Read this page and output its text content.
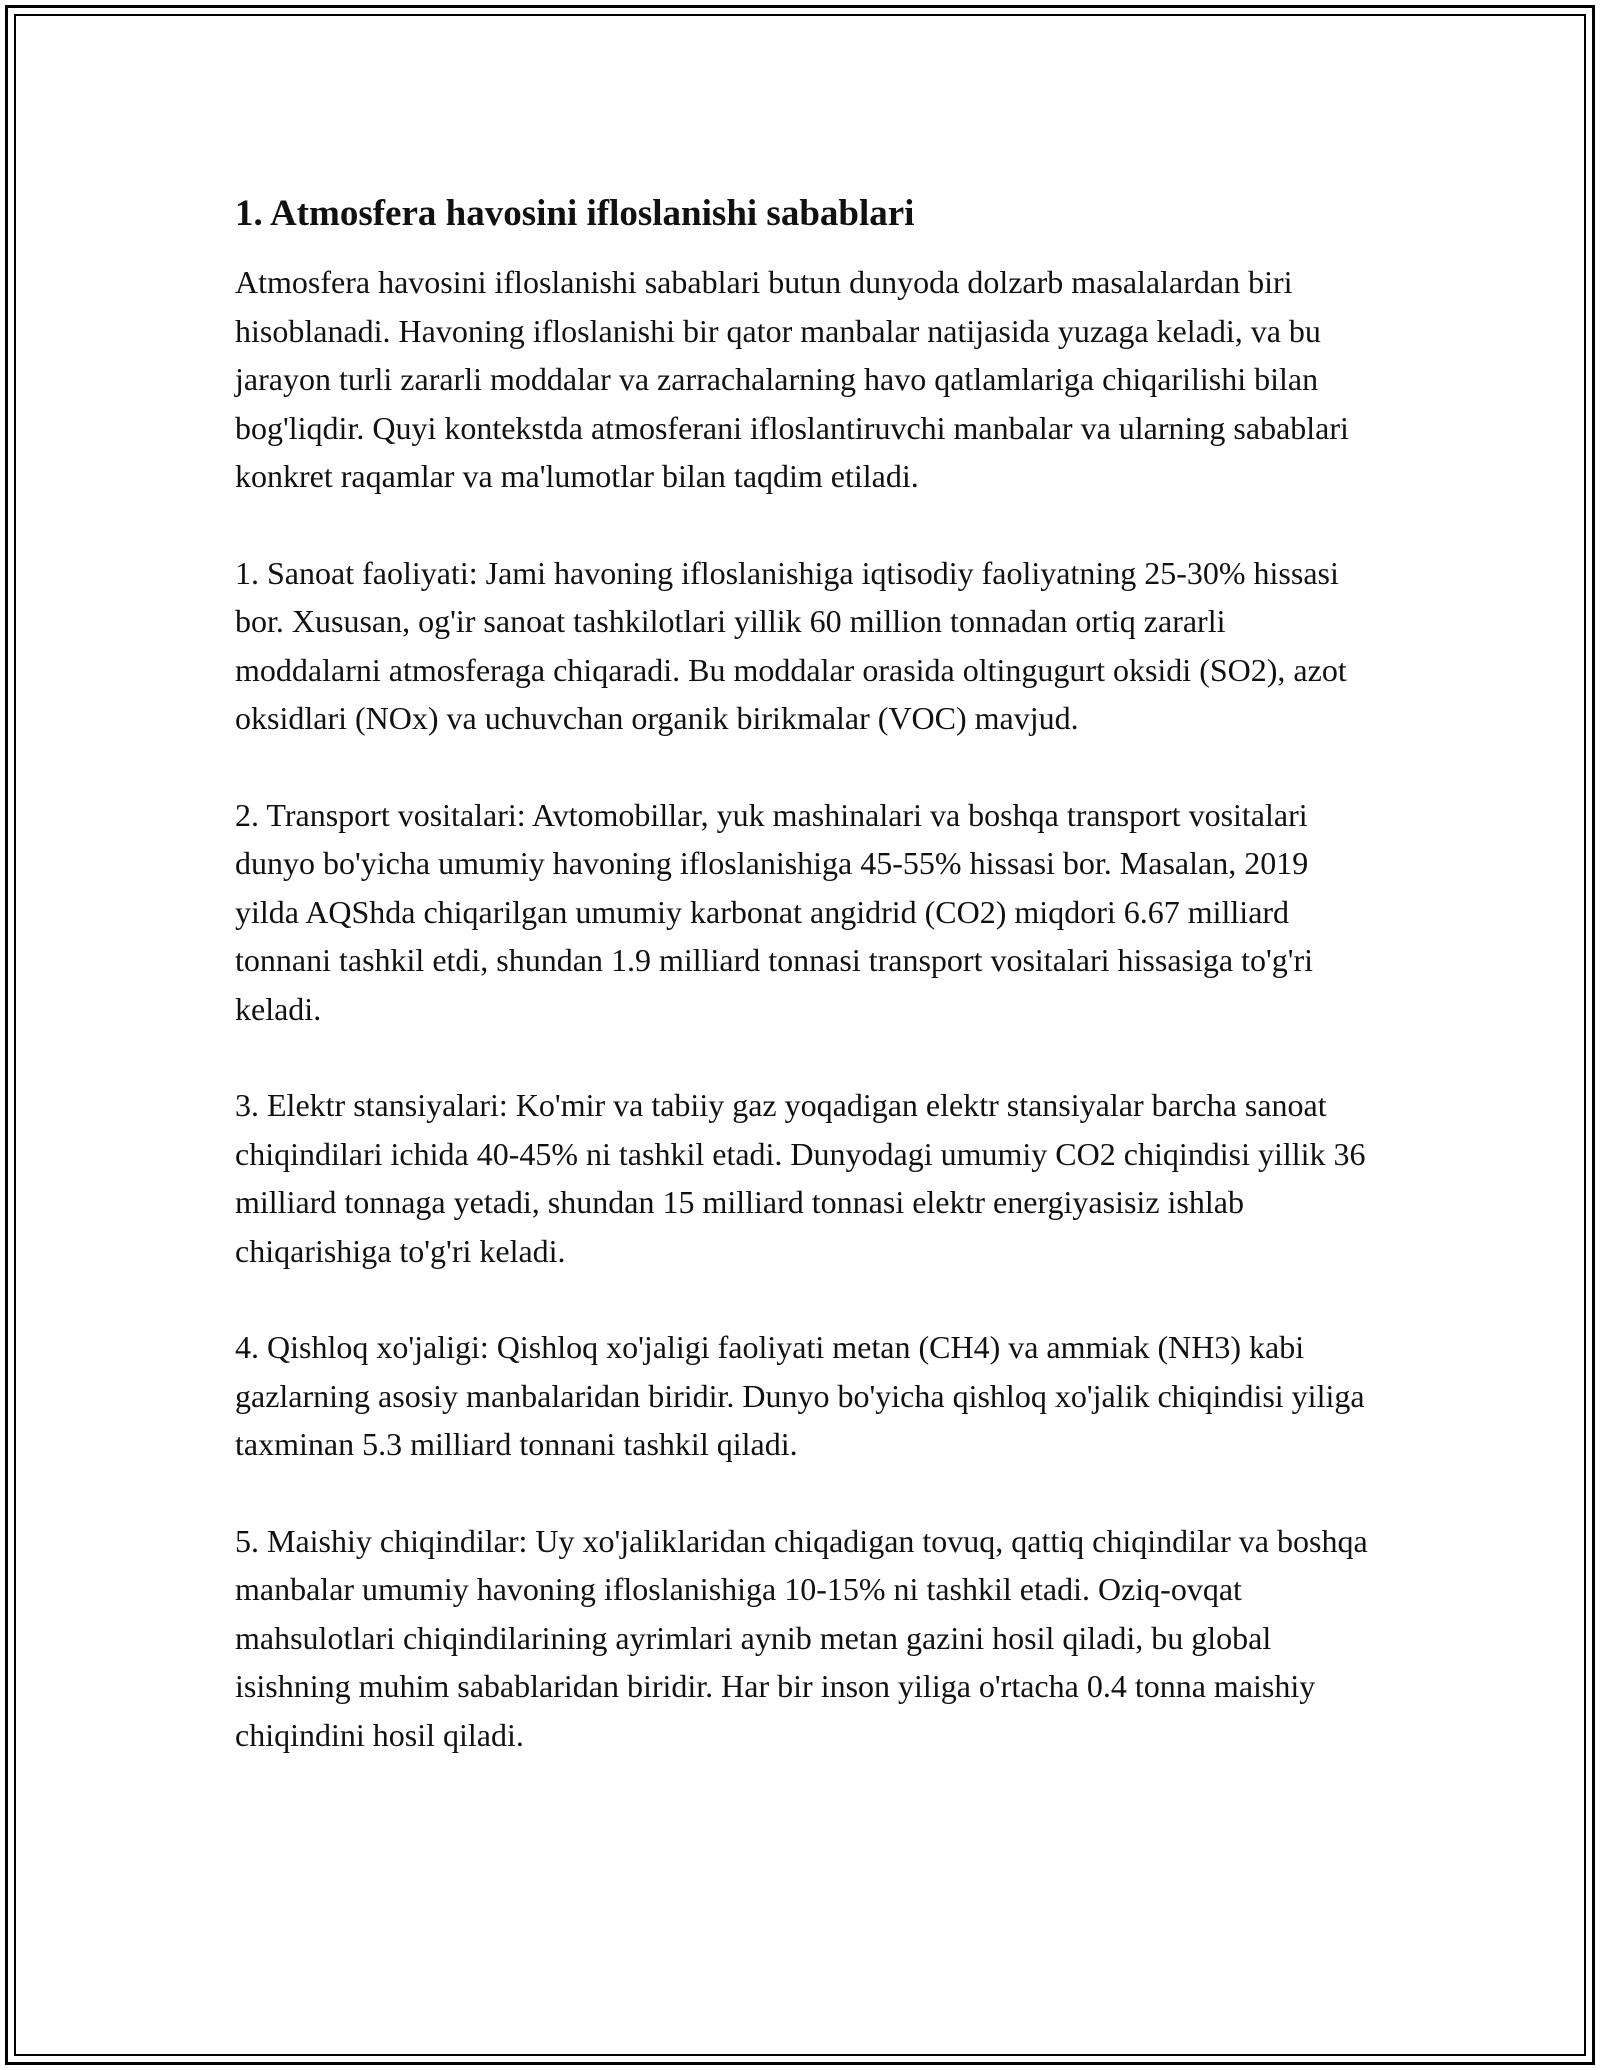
1. Atmosfera havosini ifloslanishi sabablari

Atmosfera havosini ifloslanishi sabablari butun dunyoda dolzarb masalalardan biri hisoblanadi. Havoning ifloslanishi bir qator manbalar natijasida yuzaga keladi, va bu jarayon turli zararli moddalar va zarrachalarning havo qatlamlariga chiqarilishi bilan bog'liqdir. Quyi kontekstda atmosferani ifloslantiruvchi manbalar va ularning sabablari konkret raqamlar va ma'lumotlar bilan taqdim etiladi.

1. Sanoat faoliyati: Jami havoning ifloslanishiga iqtisodiy faoliyatning 25-30% hissasi bor. Xususan, og'ir sanoat tashkilotlari yillik 60 million tonnadan ortiq zararli moddalarni atmosferaga chiqaradi. Bu moddalar orasida oltingugurt oksidi (SO2), azot oksidlari (NOx) va uchuvchan organik birikmalar (VOC) mavjud.

2. Transport vositalari: Avtomobillar, yuk mashinalari va boshqa transport vositalari dunyo bo'yicha umumiy havoning ifloslanishiga 45-55% hissasi bor. Masalan, 2019 yilda AQShda chiqarilgan umumiy karbonat angidrid (CO2) miqdori 6.67 milliard tonnani tashkil etdi, shundan 1.9 milliard tonnasi transport vositalari hissasiga to'g'ri keladi.

3. Elektr stansiyalari: Ko'mir va tabiiy gaz yoqadigan elektr stansiyalar barcha sanoat chiqindilari ichida 40-45% ni tashkil etadi. Dunyodagi umumiy CO2 chiqindisi yillik 36 milliard tonnaga yetadi, shundan 15 milliard tonnasi elektr energiyasisiz ishlab chiqarishiga to'g'ri keladi.

4. Qishloq xo'jaligi: Qishloq xo'jaligi faoliyati metan (CH4) va ammiak (NH3) kabi gazlarning asosiy manbalaridan biridir. Dunyo bo'yicha qishloq xo'jalik chiqindisi yiliga taxminan 5.3 milliard tonnani tashkil qiladi.

5. Maishiy chiqindilar: Uy xo'jaliklaridan chiqadigan tovuq, qattiq chiqindilar va boshqa manbalar umumiy havoning ifloslanishiga 10-15% ni tashkil etadi. Oziq-ovqat mahsulotlari chiqindilarining ayrimlari aynib metan gazini hosil qiladi, bu global isishning muhim sabablaridan biridir. Har bir inson yiliga o'rtacha 0.4 tonna maishiy chiqindini hosil qiladi.
